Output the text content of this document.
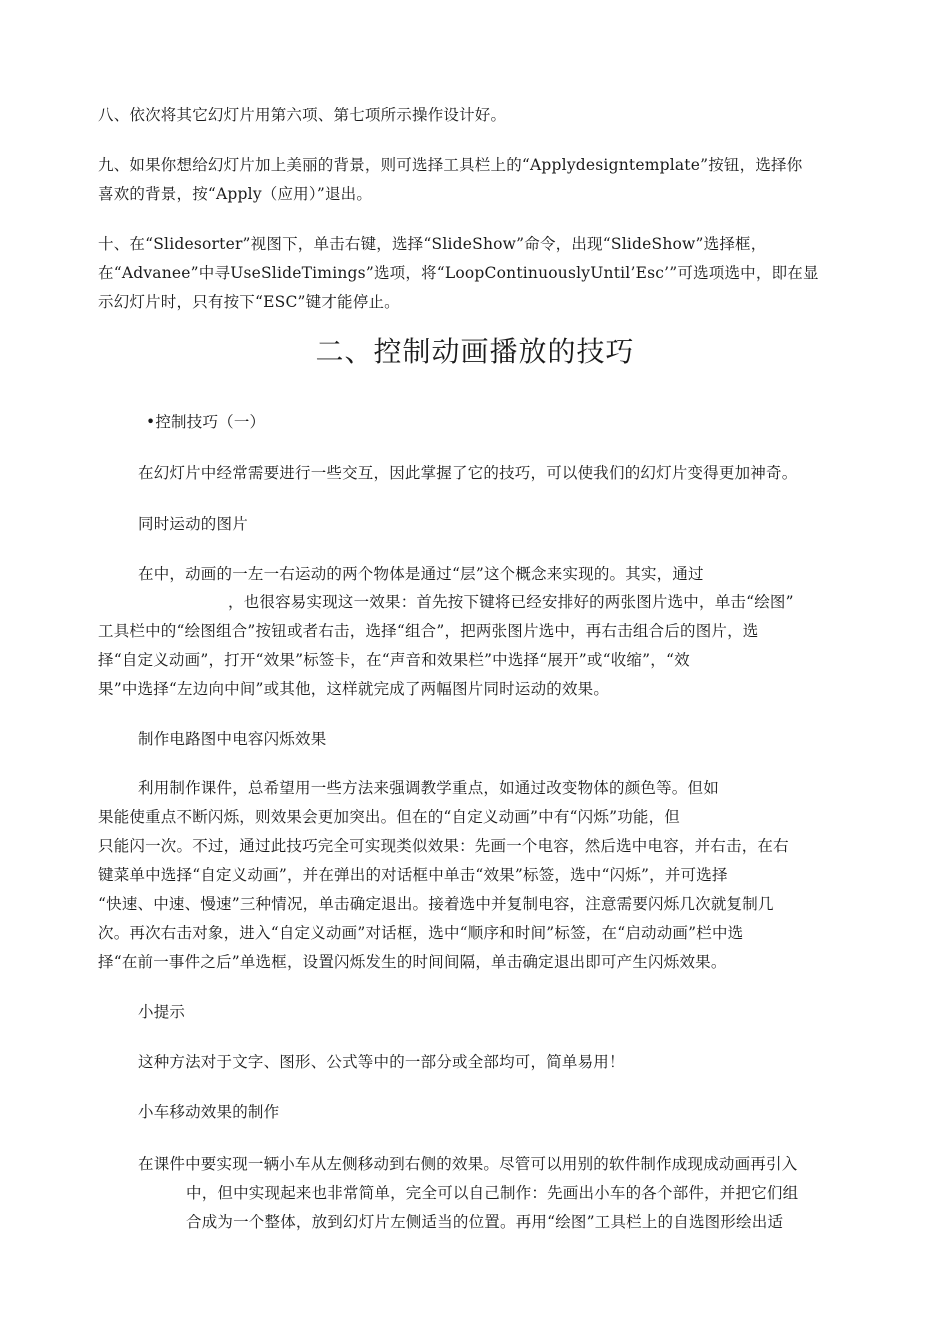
八、依次将其它幻灯片用第六项、第七项所示操作设计好。
九、如果你想给幻灯片加上美丽的背景，则可选择工具栏上的“Applydesigntemplate”按钮，选择你
喜欢的背景，按“Apply（应用）”退出。
十、在“Slidesorter”视图下，单击右键，选择“SlideShow”命令，出现“SlideShow”选择框，
在“Advanee”中寻UseSlideTimings”选项，将“LoopContinuouslyUntil’Esc’”可选项选中，即在显
示幻灯片时，只有按下“ESC”键才能停止。
二、控制动画播放的技巧
•控制技巧（一）
在幻灯片中经常需要进行一些交互，因此掌握了它的技巧，可以使我们的幻灯片变得更加神奇。
同时运动的图片
在中，动画的一左一右运动的两个物体是通过“层”这个概念来实现的。其实，通过
，也很容易实现这一效果：首先按下键将已经安排好的两张图片选中，单击“绘图”
工具栏中的“绘图组合”按钮或者右击，选择“组合”，把两张图片选中，再右击组合后的图片，选
择“自定义动画”，打开“效果”标签卡，在“声音和效果栏”中选择“展开”或“收缩”，“效
果”中选择“左边向中间”或其他，这样就完成了两幅图片同时运动的效果。
制作电路图中电容闪烁效果
利用制作课件，总希望用一些方法来强调教学重点，如通过改变物体的颜色等。但如
果能使重点不断闪烁，则效果会更加突出。但在的“自定义动画”中有“闪烁”功能，但
只能闪一次。不过，通过此技巧完全可实现类似效果：先画一个电容，然后选中电容，并右击，在右
键菜单中选择“自定义动画”，并在弹出的对话框中单击“效果”标签，选中“闪烁”，并可选择
“快速、中速、慢速”三种情况，单击确定退出。接着选中并复制电容，注意需要闪烁几次就复制几
次。再次右击对象，进入“自定义动画”对话框，选中“顺序和时间”标签，在“启动动画”栏中选
择“在前一事件之后”单选框，设置闪烁发生的时间间隔，单击确定退出即可产生闪烁效果。
小提示
这种方法对于文字、图形、公式等中的一部分或全部均可，简单易用！
小车移动效果的制作
在课件中要实现一辆小车从左侧移动到右侧的效果。尽管可以用别的软件制作成现成动画再引入
中，但中实现起来也非常简单，完全可以自己制作：先画出小车的各个部件，并把它们组
合成为一个整体，放到幻灯片左侧适当的位置。再用“绘图”工具栏上的自选图形绘出适
